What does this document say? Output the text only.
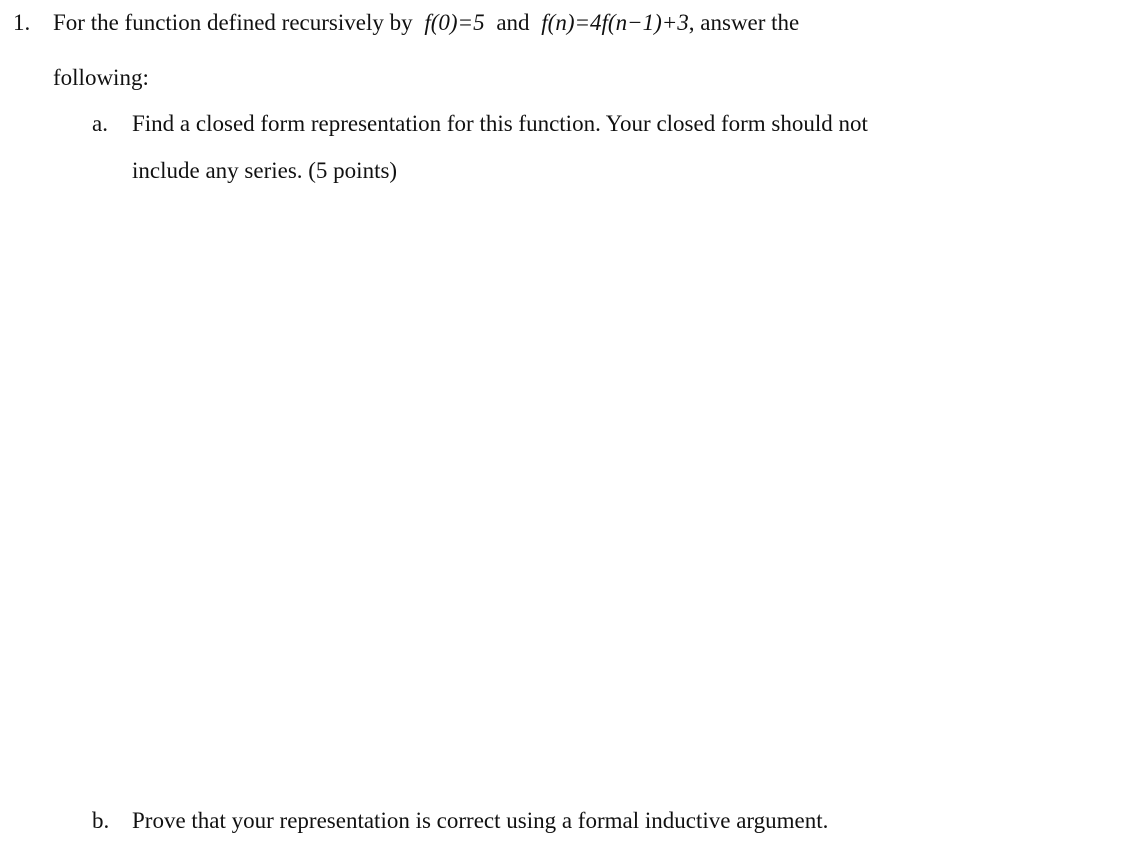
1. For the function defined recursively by f(0)=5 and f(n)=4f(n−1)+3, answer the
following:
a. Find a closed form representation for this function. Your closed form should not
include any series. (5 points)
b. Prove that your representation is correct using a formal inductive argument.
